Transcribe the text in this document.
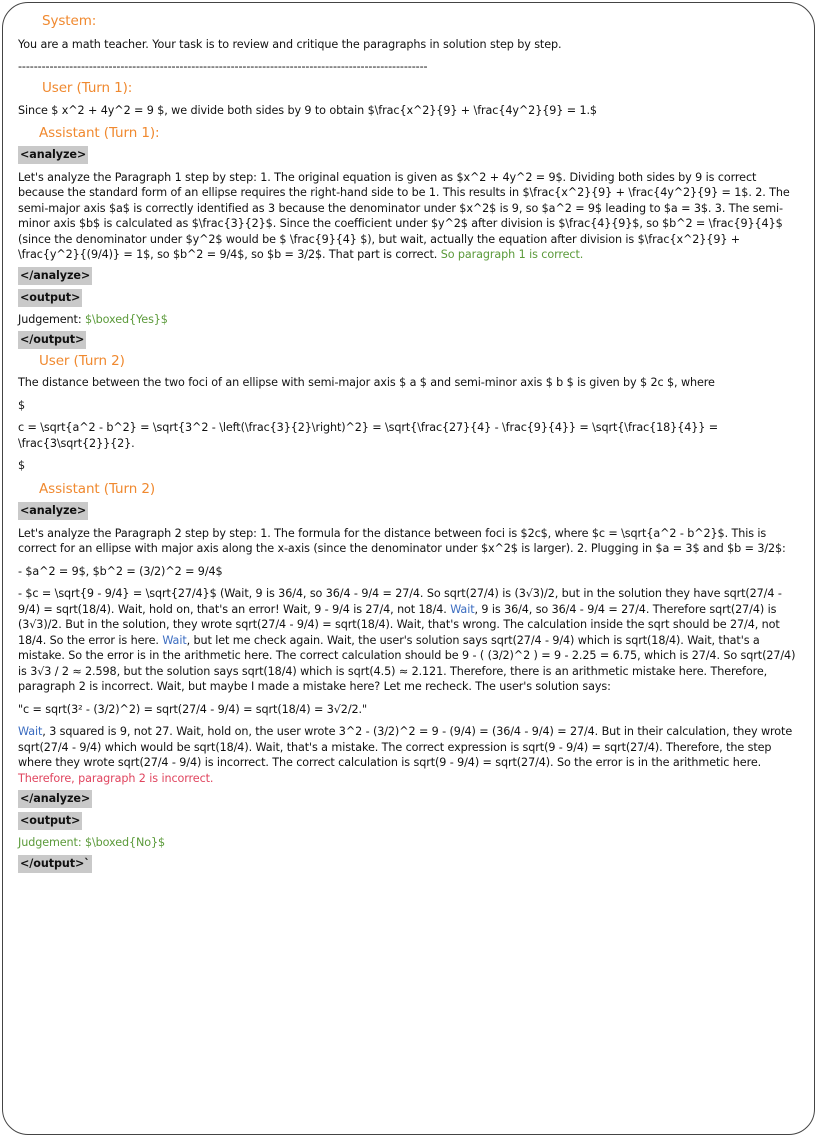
System:

You are a math teacher. Your task is to review and critique the paragraphs in solution step by step.

--------------------------------------------------------------------------------------------------------

User (Turn 1):

Since $ x^2 + 4y^2 = 9 $, we divide both sides by 9 to obtain $\frac{x^2}{9} + \frac{4y^2}{9} = 1.$

Assistant (Turn 1):

<analyze>

Let's analyze the Paragraph 1 step by step: 1. The original equation is given as $x^2 + 4y^2 = 9$. Dividing both sides by 9 is correct because the standard form of an ellipse requires the right-hand side to be 1. This results in $\frac{x^2}{9} + \frac{4y^2}{9} = 1$. 2. The semi-major axis $a$ is correctly identified as 3 because the denominator under $x^2$ is 9, so $a^2 = 9$ leading to $a = 3$. 3. The semi-minor axis $b$ is calculated as $\frac{3}{2}$. Since the coefficient under $y^2$ after division is $\frac{4}{9}$, so $b^2 = \frac{9}{4}$ (since the denominator under $y^2$ would be $ \frac{9}{4} $), but wait, actually the equation after division is $\frac{x^2}{9} + \frac{y^2}{(9/4)} = 1$, so $b^2 = 9/4$, so $b = 3/2$. That part is correct. So paragraph 1 is correct.

</analyze>

<output>

Judgement: $\boxed{Yes}$

</output>

User (Turn 2)

The distance between the two foci of an ellipse with semi-major axis $ a $ and semi-minor axis $ b $ is given by $ 2c $, where

$

c = \sqrt{a^2 - b^2} = \sqrt{3^2 - \left(\frac{3}{2}\right)^2} = \sqrt{\frac{27}{4} - \frac{9}{4}} = \sqrt{\frac{18}{4}} = \frac{3\sqrt{2}}{2}.

$

Assistant (Turn 2)

<analyze>

Let's analyze the Paragraph 2 step by step: 1. The formula for the distance between foci is $2c$, where $c = \sqrt{a^2 - b^2}$. This is correct for an ellipse with major axis along the x-axis (since the denominator under $x^2$ is larger). 2. Plugging in $a = 3$ and $b = 3/2$:

- $a^2 = 9$, $b^2 = (3/2)^2 = 9/4$

- $c = \sqrt{9 - 9/4} = \sqrt{27/4}$ (Wait, 9 is 36/4, so 36/4 - 9/4 = 27/4. So sqrt(27/4) is (3√3)/2, but in the solution they have sqrt(27/4 - 9/4) = sqrt(18/4). Wait, hold on, that's an error! Wait, 9 - 9/4 is 27/4, not 18/4. Wait, 9 is 36/4, so 36/4 - 9/4 = 27/4. Therefore sqrt(27/4) is (3√3)/2. But in the solution, they wrote sqrt(27/4 - 9/4) = sqrt(18/4). Wait, that's wrong. The calculation inside the sqrt should be 27/4, not 18/4. So the error is here. Wait, but let me check again. Wait, the user's solution says sqrt(27/4 - 9/4) which is sqrt(18/4). Wait, that's a mistake. So the error is in the arithmetic here. The correct calculation should be 9 - ( (3/2)^2 ) = 9 - 2.25 = 6.75, which is 27/4. So sqrt(27/4) is 3√3 / 2 ≈ 2.598, but the solution says sqrt(18/4) which is sqrt(4.5) ≈ 2.121. Therefore, there is an arithmetic mistake here. Therefore, paragraph 2 is incorrect. Wait, but maybe I made a mistake here? Let me recheck. The user's solution says:

"c = sqrt(3² - (3/2)^2) = sqrt(27/4 - 9/4) = sqrt(18/4) = 3√2/2."

Wait, 3 squared is 9, not 27. Wait, hold on, the user wrote 3^2 - (3/2)^2 = 9 - (9/4) = (36/4 - 9/4) = 27/4. But in their calculation, they wrote sqrt(27/4 - 9/4) which would be sqrt(18/4). Wait, that's a mistake. The correct expression is sqrt(9 - 9/4) = sqrt(27/4). Therefore, the step where they wrote sqrt(27/4 - 9/4) is incorrect. The correct calculation is sqrt(9 - 9/4) = sqrt(27/4). So the error is in the arithmetic here. Therefore, paragraph 2 is incorrect.

</analyze>

<output>

Judgement: $\boxed{No}$

</output>`
